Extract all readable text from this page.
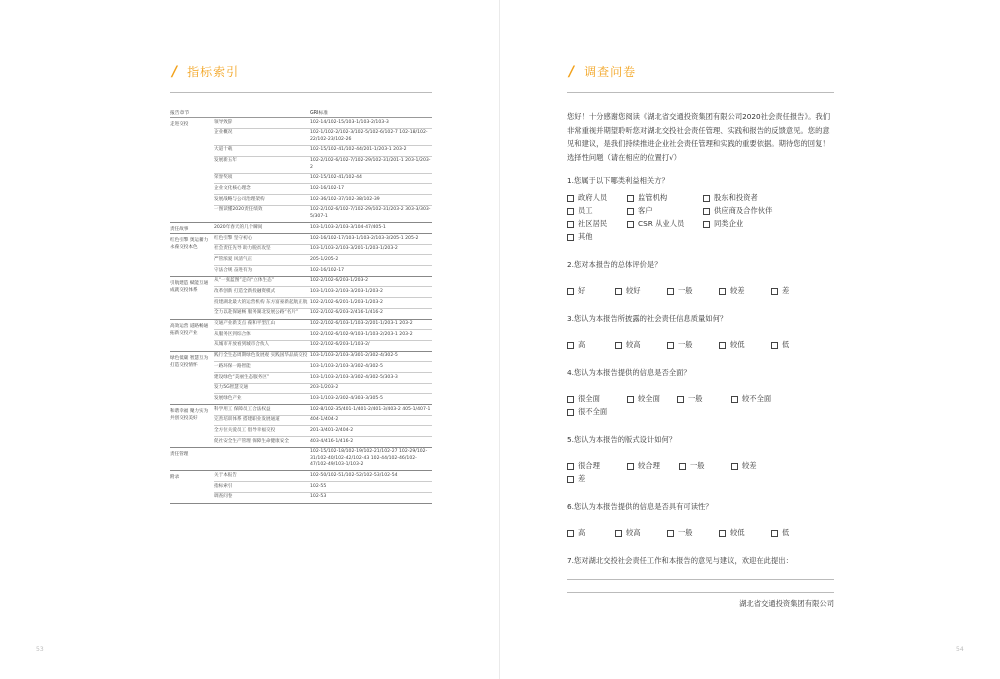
/ 指标索引
报告章节	GRI标准
走进交投	领导致辞	102-14/102-15/103-1/103-2/103-3
企业概况	102-1/102-2/102-3/102-5/102-6/102-7 102-18/102-22/102-23/102-26
大道十载	102-15/102-41/102-44/201-1/203-1 203-2
发展新五年	102-2/102-6/102-7/102-29/102-31/201-1 203-1/203-2
荣誉奖项	102-15/102-41/102-44
企业文化核心理念	102-16/102-17
发展战略与公司治理架构	102-36/102-37/102-38/102-39
一图读懂2020责任绩效	102-2/102-6/102-7/102-29/102-31/203-2 303-3/303-5/307-1
责任故事	2020年春天的几个瞬间	103-1/103-2/103-3/104-47/405-1
红色引擎 奥运蓄力 永葆交投本色
红色引擎 坚守初心	102-16/102-17/103-1/103-2/103-3/205-1 205-2
社会责任先导 助力脱贫攻坚	103-1/103-2/103-3/201-1/203-1/203-2
严管浓爱 风清气正	205-1/205-2
守法合规 奋进有为	102-16/102-17
引航建造 赋能互通 成就交投体系
从“一张蓝图”走向“立体生态”	102-2/102-6/203-1/203-2
改革创新 打造全新投融资模式	103-1/103-2/103-3/203-1/203-2
投建湖北最大的运营机构 东方富豪新起航正航 102-2/102-6/201-1/203-1/203-2
全力以赴保通畅 服务湖北发展公路“名片”	102-2/102-6/203-2/416-1/416-2
高效运营 道路畅通 拓新交投产业
交通产业新支点 葆和平型江山	102-2/102-6/103-1/103-2/201-1/203-1 203-2
从服务区到综合体	102-2/102-6/102-9/103-1/103-2/203-1 203-2
从城市开放看到城市合伙人	102-2/102-6/203-1/103-2/
绿色低碳 智慧互为 打造交投情怀
践行全生态周期绿色发展观 实践国华品质交投 103-1/103-2/103-3/301-2/302-4/302-5
一路环保一路智能	103-1/103-2/103-3/302-4/302-5
建设绿色“美丽生态服务区”	103-1/103-2/103-3/302-4/302-5/303-3
发力5G智慧交通	203-1/203-2
发展绿色产业	103-1/103-2/302-4/303-3/305-5
和谐幸福 聚力实为 共创交投美好
科学用工 保障员工合法权益	102-8/102-35/401-1/401-2/401-3/403-2 405-1/407-1
完善培训体系 搭建职业发展通道	404-1/404-2
全方位关爱员工 倡导幸福交投	201-3/401-2/404-2
促社安全生产管理 保障生命健康安全	403-4/416-1/416-2
责任管理	102-15/102-18/102-19/102-21/102-27 102-29/102-31/102-40/102-42/102-43 102-44/102-46/102-47/102-49/103-1/103-2
附录	关于本报告	102-50/102-51/102-52/102-53/102-54
指标索引	102-55
调查问卷	102-53
53
/ 调查问卷

您好！十分感谢您阅读《湖北省交通投资集团有限公司2020社会责任报告》。我们非常重视并期望聆听您对湖北交投社会责任管理、实践和报告的反馈意见。您的意见和建议，是我们持续推进企业社会责任管理和实践的重要依据。期待您的回复！

选择性问题（请在相应的位置打√）

1.您属于以下哪类利益相关方？
政府人员	监管机构	股东和投资者
员工	客户	供应商及合作伙伴
社区居民	CSR 从业人员	同类企业
其他
2.您对本报告的总体评价是？
好	较好	一般	较差	差
3.您认为本报告所披露的社会责任信息质量如何？
高	较高	一般	较低	低
4.您认为本报告提供的信息是否全面？
很全面	较全面	一般	较不全面
很不全面
5.您认为本报告的版式设计如何？
很合理	较合理	一般	较差
差
6.您认为本报告提供的信息是否具有可读性？
高	较高	一般	较低	低
7.您对湖北交投社会责任工作和本报告的意见与建议，欢迎在此提出：
湖北省交通投资集团有限公司
54
